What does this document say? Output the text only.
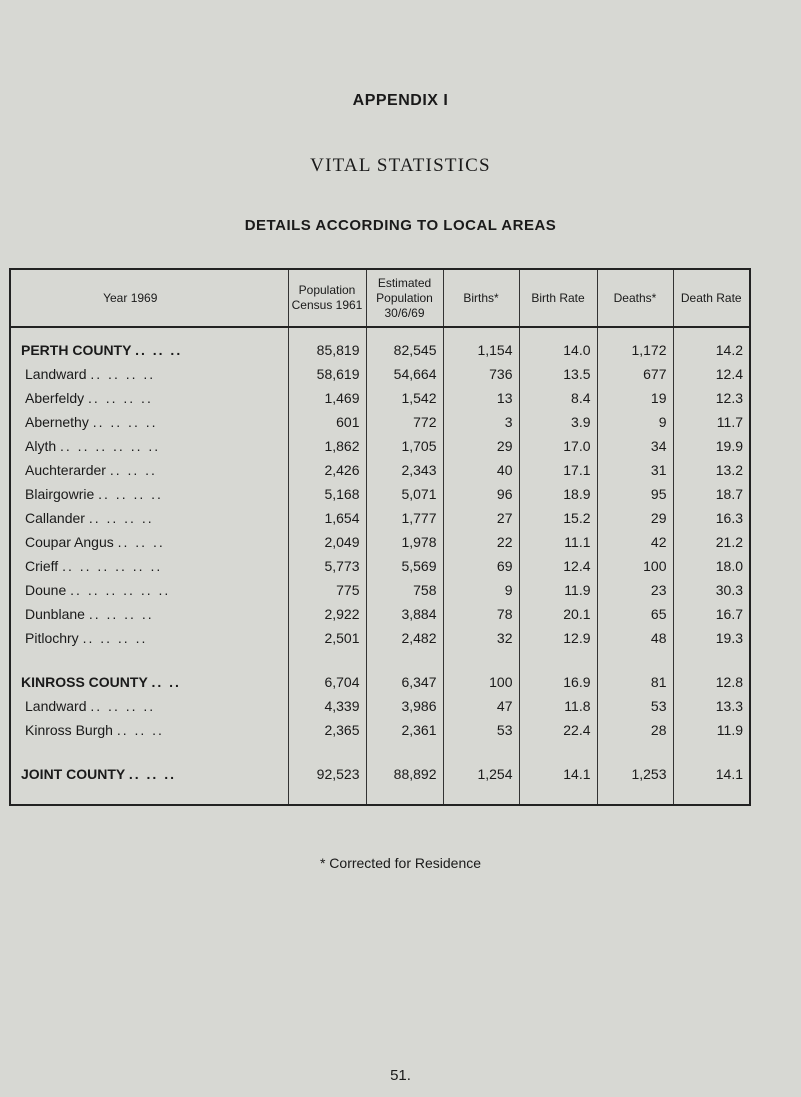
APPENDIX I
VITAL STATISTICS
DETAILS ACCORDING TO LOCAL AREAS
Year 1969	Population Census 1961	Estimated Population 30/6/69	Births*	Birth Rate	Deaths*	Death Rate

PERTH COUNTY .. .. ..	85,819	82,545	1,154	14.0	1,172	14.2
Landward .. .. .. ..	58,619	54,664	736	13.5	677	12.4
Aberfeldy .. .. .. ..	1,469	1,542	13	8.4	19	12.3
Abernethy .. .. .. ..	601	772	3	3.9	9	11.7
Alyth .. .. .. .. .. ..	1,862	1,705	29	17.0	34	19.9
Auchterarder .. .. ..	2,426	2,343	40	17.1	31	13.2
Blairgowrie .. .. .. ..	5,168	5,071	96	18.9	95	18.7
Callander .. .. .. ..	1,654	1,777	27	15.2	29	16.3
Coupar Angus .. .. ..	2,049	1,978	22	11.1	42	21.2
Crieff .. .. .. .. .. ..	5,773	5,569	69	12.4	100	18.0
Doune .. .. .. .. .. ..	775	758	9	11.9	23	30.3
Dunblane .. .. .. ..	2,922	3,884	78	20.1	65	16.7
Pitlochry .. .. .. ..	2,501	2,482	32	12.9	48	19.3

KINROSS COUNTY .. ..	6,704	6,347	100	16.9	81	12.8
Landward .. .. .. ..	4,339	3,986	47	11.8	53	13.3
Kinross Burgh .. .. ..	2,365	2,361	53	22.4	28	11.9

JOINT COUNTY .. .. ..	92,523	88,892	1,254	14.1	1,253	14.1

* Corrected for Residence
51.
